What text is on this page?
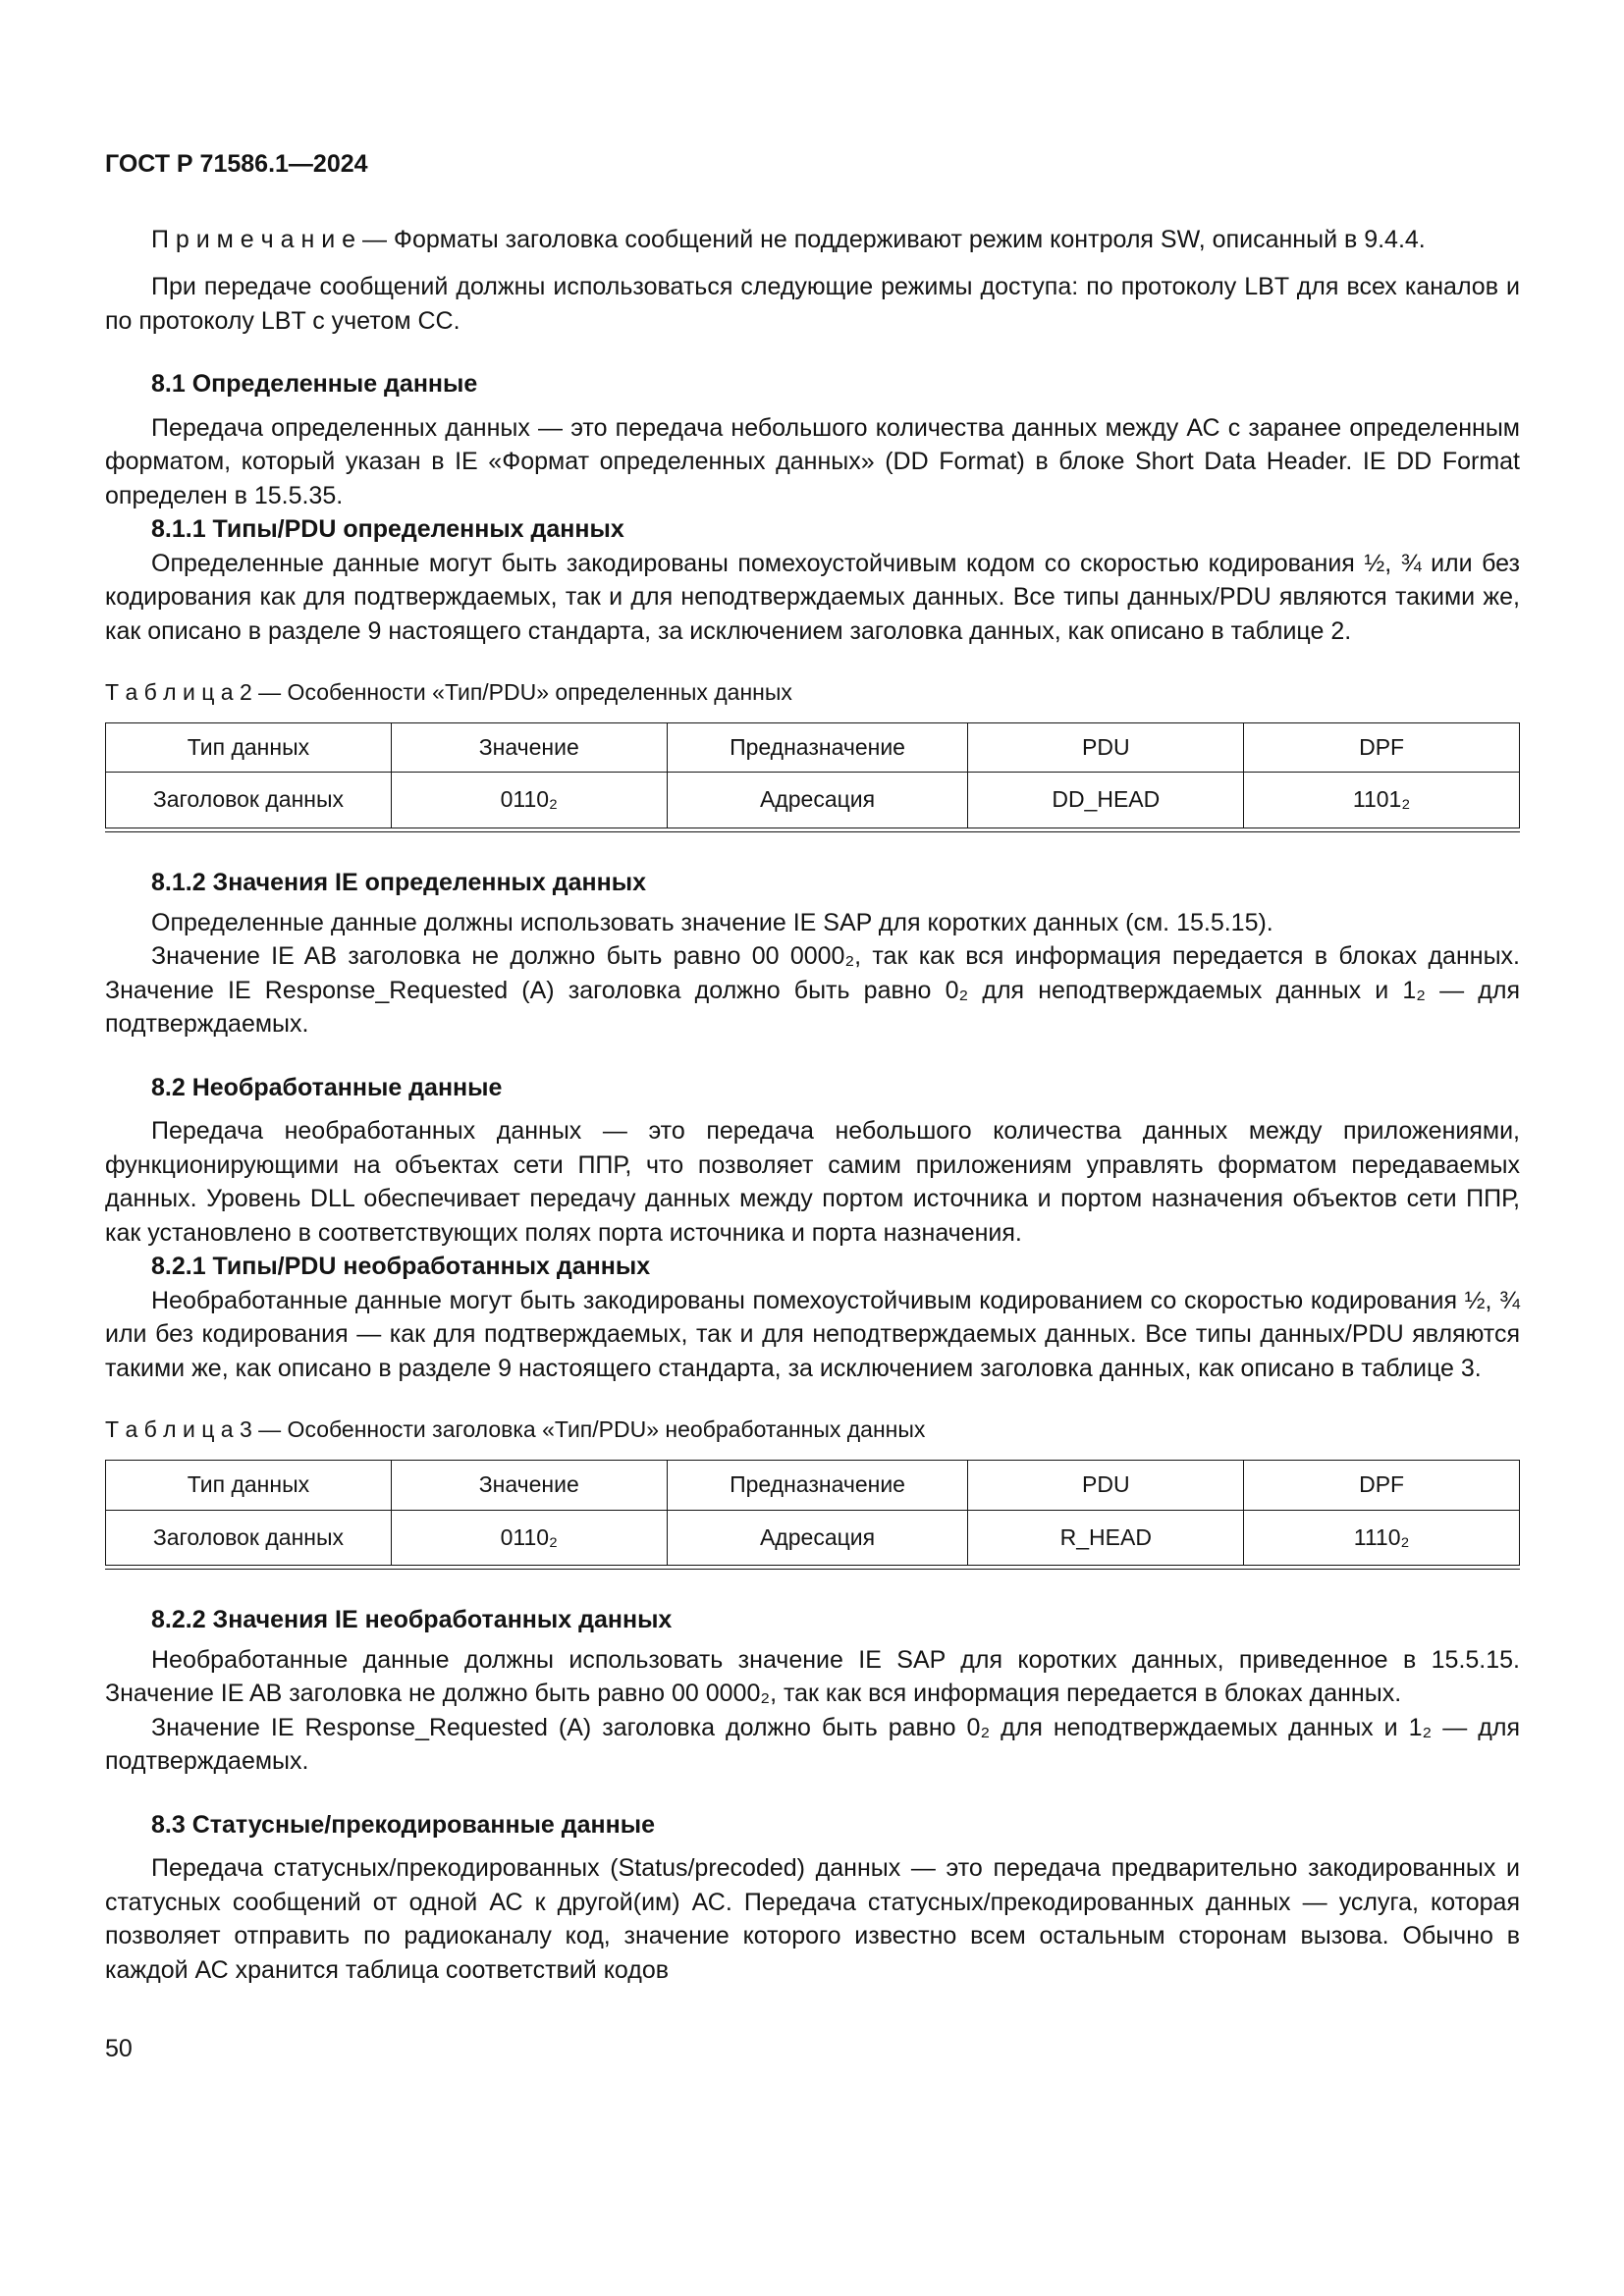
ГОСТ Р 71586.1—2024

П р и м е ч а н и е — Форматы заголовка сообщений не поддерживают режим контроля SW, описанный в 9.4.4.

При передаче сообщений должны использоваться следующие режимы доступа: по протоколу LBT для всех каналов и по протоколу LBT с учетом СС.

8.1 Определенные данные

Передача определенных данных — это передача небольшого количества данных между АС с заранее определенным форматом, который указан в IE «Формат определенных данных» (DD Format) в блоке Short Data Header. IE DD Format определен в 15.5.35.

8.1.1 Типы/PDU определенных данных

Определенные данные могут быть закодированы помехоустойчивым кодом со скоростью кодирования ½, ¾ или без кодирования как для подтверждаемых, так и для неподтверждаемых данных. Все типы данных/PDU являются такими же, как описано в разделе 9 настоящего стандарта, за исключением заголовка данных, как описано в таблице 2.

Т а б л и ц а 2 — Особенности «Тип/PDU» определенных данных

Тип данных	Значение	Предназначение	PDU	DPF
Заголовок данных	0110₂	Адресация	DD_HEAD	1101₂
8.1.2 Значения IE определенных данных

Определенные данные должны использовать значение IE SAP для коротких данных (см. 15.5.15).

Значение IE AB заголовка не должно быть равно 00 0000₂, так как вся информация передается в блоках данных. Значение IE Response_Requested (A) заголовка должно быть равно 0₂ для неподтверждаемых данных и 1₂ — для подтверждаемых.

8.2 Необработанные данные

Передача необработанных данных — это передача небольшого количества данных между приложениями, функционирующими на объектах сети ППР, что позволяет самим приложениям управлять форматом передаваемых данных. Уровень DLL обеспечивает передачу данных между портом источника и портом назначения объектов сети ППР, как установлено в соответствующих полях порта источника и порта назначения.

8.2.1 Типы/PDU необработанных данных

Необработанные данные могут быть закодированы помехоустойчивым кодированием со скоростью кодирования ½, ¾ или без кодирования — как для подтверждаемых, так и для неподтверждаемых данных. Все типы данных/PDU являются такими же, как описано в разделе 9 настоящего стандарта, за исключением заголовка данных, как описано в таблице 3.

Т а б л и ц а 3 — Особенности заголовка «Тип/PDU» необработанных данных

Тип данных	Значение	Предназначение	PDU	DPF
Заголовок данных	0110₂	Адресация	R_HEAD	1110₂
8.2.2 Значения IE необработанных данных

Необработанные данные должны использовать значение IE SAP для коротких данных, приведенное в 15.5.15. Значение IE AB заголовка не должно быть равно 00 0000₂, так как вся информация передается в блоках данных.

Значение IE Response_Requested (A) заголовка должно быть равно 0₂ для неподтверждаемых данных и 1₂ — для подтверждаемых.

8.3 Статусные/прекодированные данные

Передача статусных/прекодированных (Status/precoded) данных — это передача предварительно закодированных и статусных сообщений от одной АС к другой(им) АС. Передача статусных/прекодированных данных — услуга, которая позволяет отправить по радиоканалу код, значение которого известно всем остальным сторонам вызова. Обычно в каждой АС хранится таблица соответствий кодов

50
